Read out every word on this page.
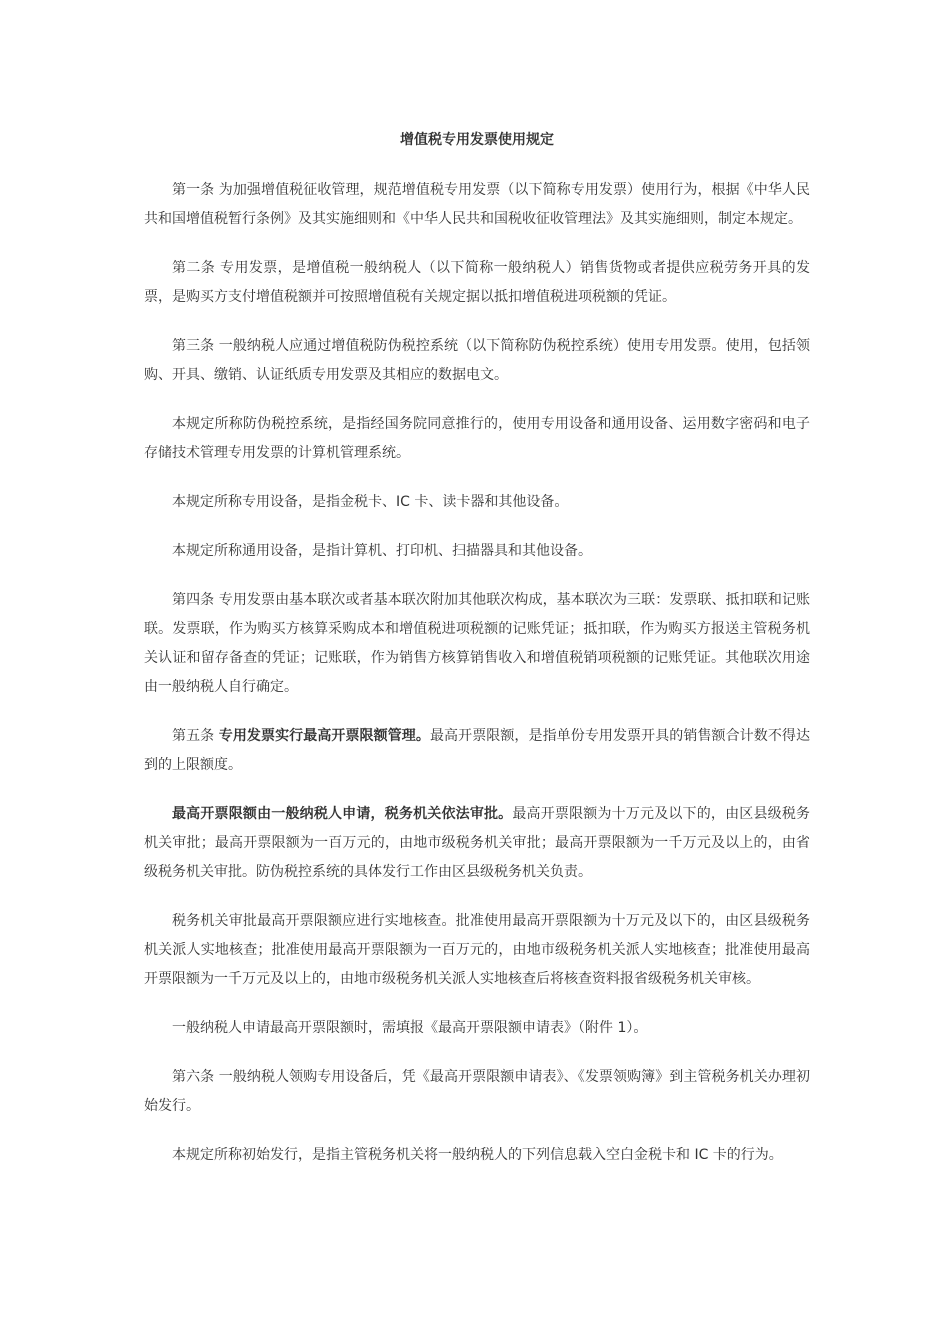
增值税专用发票使用规定

第一条 为加强增值税征收管理，规范增值税专用发票（以下简称专用发票）使用行为，根据《中华人民共和国增值税暂行条例》及其实施细则和《中华人民共和国税收征收管理法》及其实施细则，制定本规定。

第二条 专用发票，是增值税一般纳税人（以下简称一般纳税人）销售货物或者提供应税劳务开具的发票，是购买方支付增值税额并可按照增值税有关规定据以抵扣增值税进项税额的凭证。

第三条 一般纳税人应通过增值税防伪税控系统（以下简称防伪税控系统）使用专用发票。使用，包括领购、开具、缴销、认证纸质专用发票及其相应的数据电文。

本规定所称防伪税控系统，是指经国务院同意推行的，使用专用设备和通用设备、运用数字密码和电子存储技术管理专用发票的计算机管理系统。

本规定所称专用设备，是指金税卡、IC 卡、读卡器和其他设备。

本规定所称通用设备，是指计算机、打印机、扫描器具和其他设备。

第四条 专用发票由基本联次或者基本联次附加其他联次构成，基本联次为三联：发票联、抵扣联和记账联。发票联，作为购买方核算采购成本和增值税进项税额的记账凭证；抵扣联，作为购买方报送主管税务机关认证和留存备查的凭证；记账联，作为销售方核算销售收入和增值税销项税额的记账凭证。其他联次用途由一般纳税人自行确定。

第五条 专用发票实行最高开票限额管理。最高开票限额，是指单份专用发票开具的销售额合计数不得达到的上限额度。

最高开票限额由一般纳税人申请，税务机关依法审批。最高开票限额为十万元及以下的，由区县级税务机关审批；最高开票限额为一百万元的，由地市级税务机关审批；最高开票限额为一千万元及以上的，由省级税务机关审批。防伪税控系统的具体发行工作由区县级税务机关负责。

税务机关审批最高开票限额应进行实地核查。批准使用最高开票限额为十万元及以下的，由区县级税务机关派人实地核查；批准使用最高开票限额为一百万元的，由地市级税务机关派人实地核查；批准使用最高开票限额为一千万元及以上的，由地市级税务机关派人实地核查后将核查资料报省级税务机关审核。

一般纳税人申请最高开票限额时，需填报《最高开票限额申请表》（附件 1）。

第六条 一般纳税人领购专用设备后，凭《最高开票限额申请表》、《发票领购簿》到主管税务机关办理初始发行。

本规定所称初始发行，是指主管税务机关将一般纳税人的下列信息载入空白金税卡和 IC 卡的行为。
